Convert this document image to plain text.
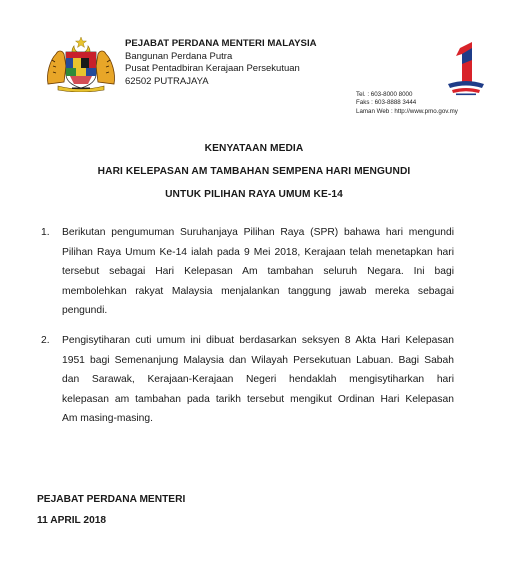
PEJABAT PERDANA MENTERI MALAYSIA
Bangunan Perdana Putra
Pusat Pentadbiran Kerajaan Persekutuan
62502 PUTRAJAYA
Tel. : 603-8000 8000
Faks : 603-8888 3444
Laman Web : http://www.pmo.gov.my
KENYATAAN MEDIA
HARI KELEPASAN AM TAMBAHAN SEMPENA HARI MENGUNDI
UNTUK PILIHAN RAYA UMUM KE-14
1. Berikutan pengumuman Suruhanjaya Pilihan Raya (SPR) bahawa hari mengundi
Pilihan Raya Umum Ke-14 ialah pada 9 Mei 2018, Kerajaan telah menetapkan hari
tersebut sebagai Hari Kelepasan Am tambahan seluruh Negara. Ini bagi
membolehkan rakyat Malaysia menjalankan tanggung jawab mereka sebagai
pengundi.
2. Pengisytiharan cuti umum ini dibuat berdasarkan seksyen 8 Akta Hari Kelepasan
1951 bagi Semenanjung Malaysia dan Wilayah Persekutuan Labuan. Bagi Sabah
dan Sarawak, Kerajaan-Kerajaan Negeri hendaklah mengisytiharkan hari
kelepasan am tambahan pada tarikh tersebut mengikut Ordinan Hari Kelepasan
Am masing-masing.
PEJABAT PERDANA MENTERI
11 APRIL 2018
